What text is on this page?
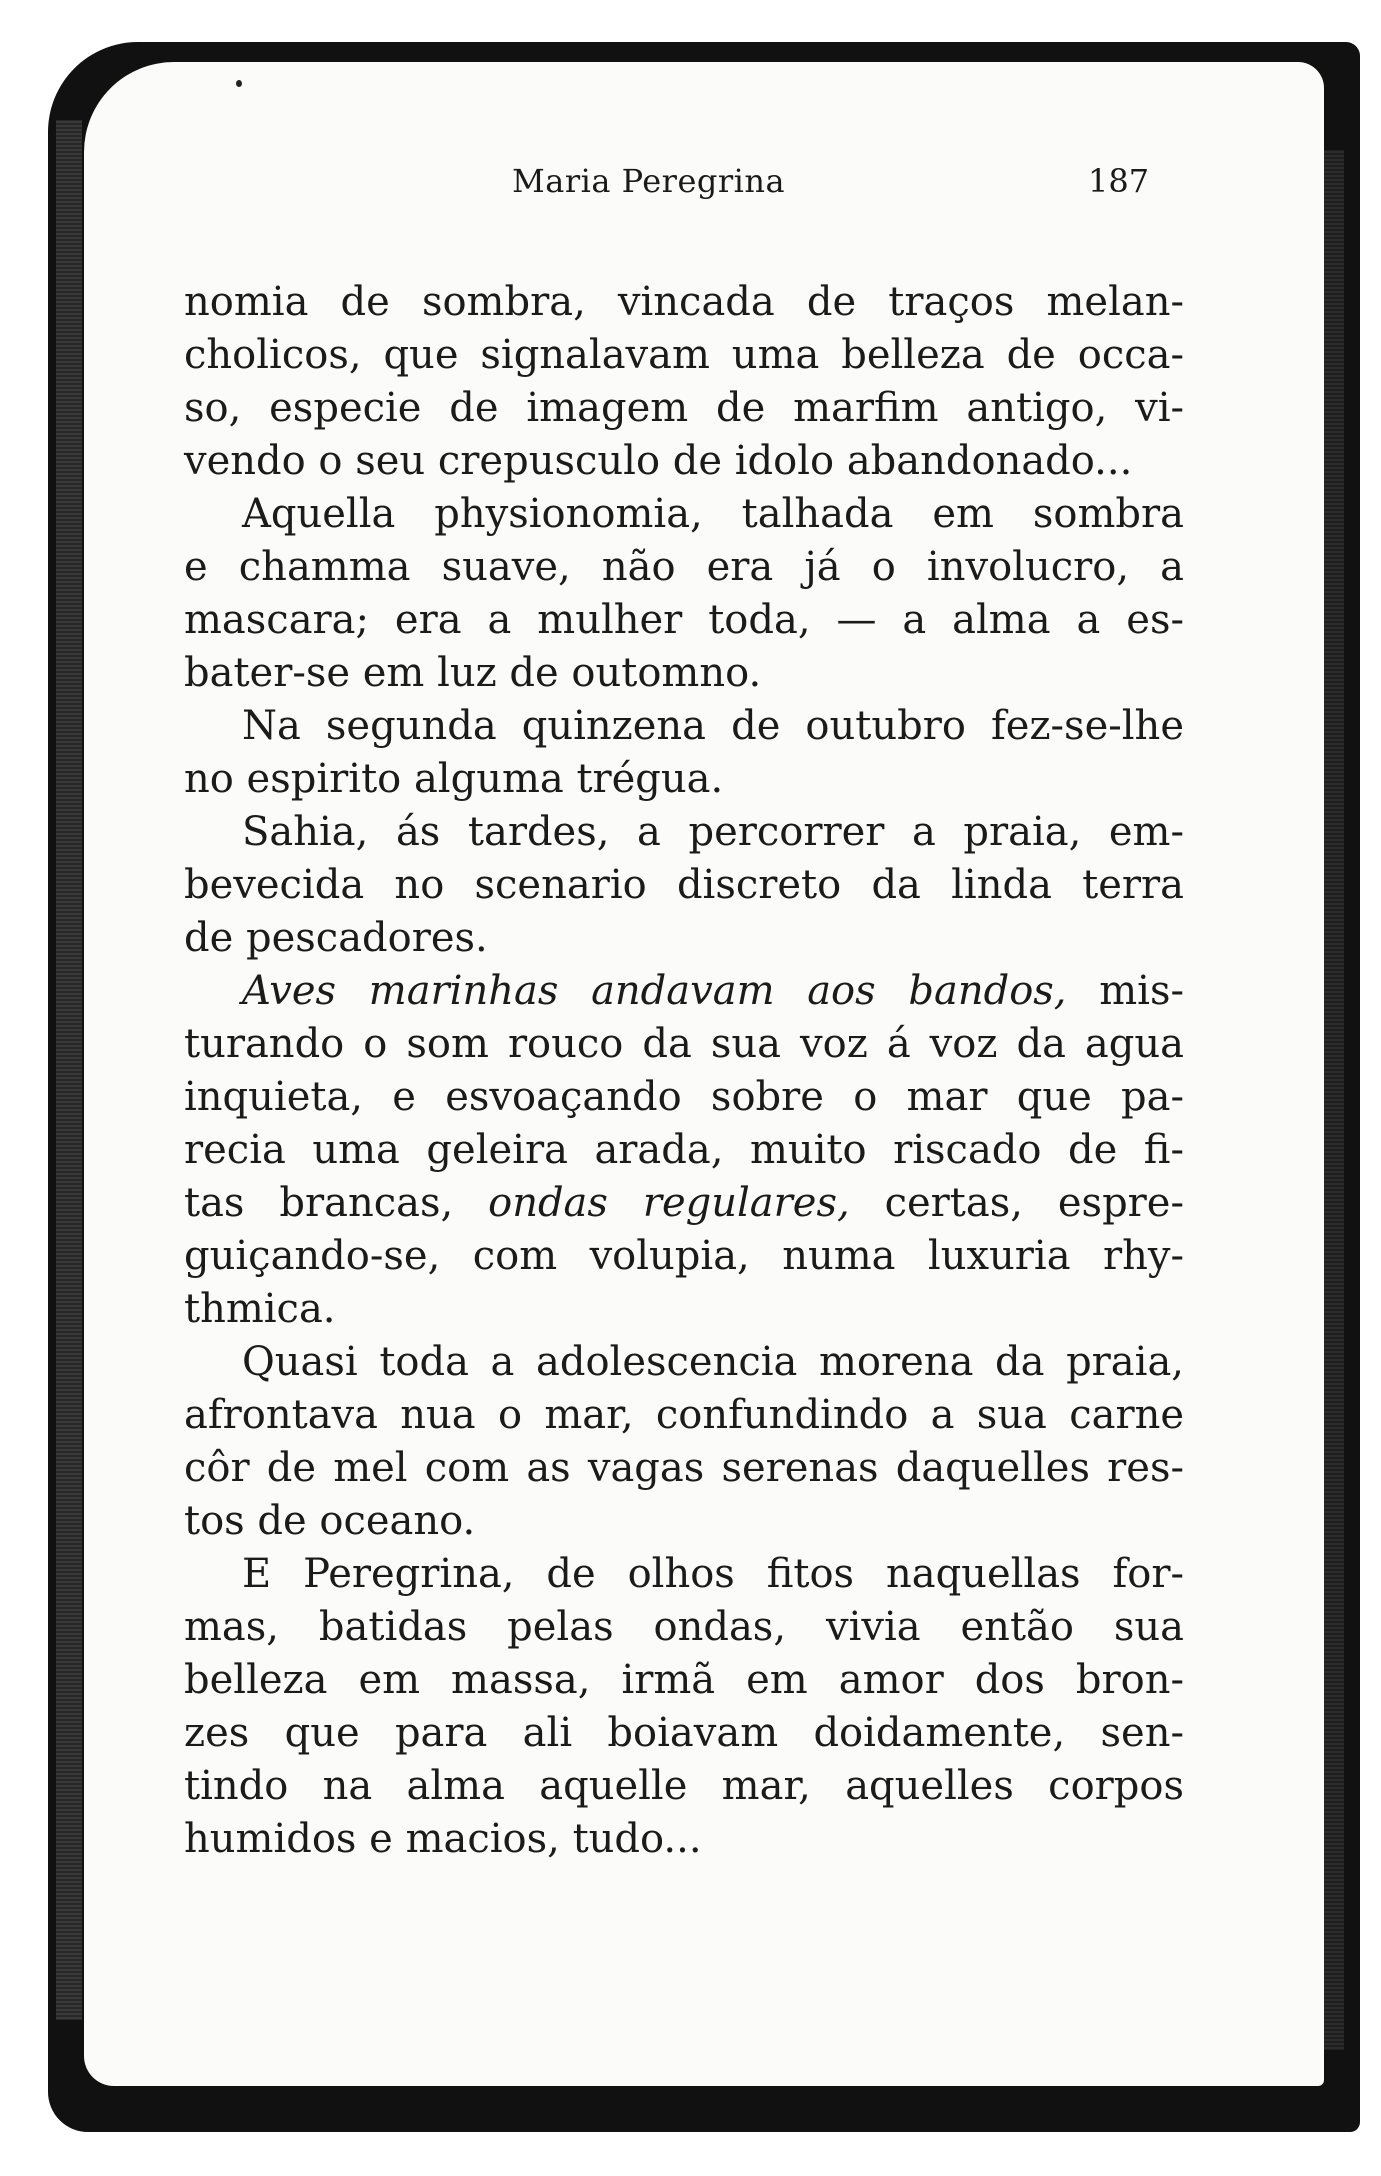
Maria Peregrina	187
nomia de sombra, vincada de traços melan-
cholicos, que signalavam uma belleza de occa-
so, especie de imagem de marfim antigo, vi-
vendo o seu crepusculo de idolo abandonado...
Aquella physionomia, talhada em sombra
e chamma suave, não era já o involucro, a
mascara; era a mulher toda, — a alma a es-
bater-se em luz de outomno.
Na segunda quinzena de outubro fez-se-lhe
no espirito alguma trégua.
Sahia, ás tardes, a percorrer a praia, em-
bevecida no scenario discreto da linda terra
de pescadores.
Aves marinhas andavam aos bandos, mis-
turando o som rouco da sua voz á voz da agua
inquieta, e esvoaçando sobre o mar que pa-
recia uma geleira arada, muito riscado de fi-
tas brancas, ondas regulares, certas, espre-
guiçando-se, com volupia, numa luxuria rhy-
thmica.
Quasi toda a adolescencia morena da praia,
afrontava nua o mar, confundindo a sua carne
côr de mel com as vagas serenas daquelles res-
tos de oceano.
E Peregrina, de olhos fitos naquellas for-
mas, batidas pelas ondas, vivia então sua
belleza em massa, irmã em amor dos bron-
zes que para ali boiavam doidamente, sen-
tindo na alma aquelle mar, aquelles corpos
humidos e macios, tudo...
